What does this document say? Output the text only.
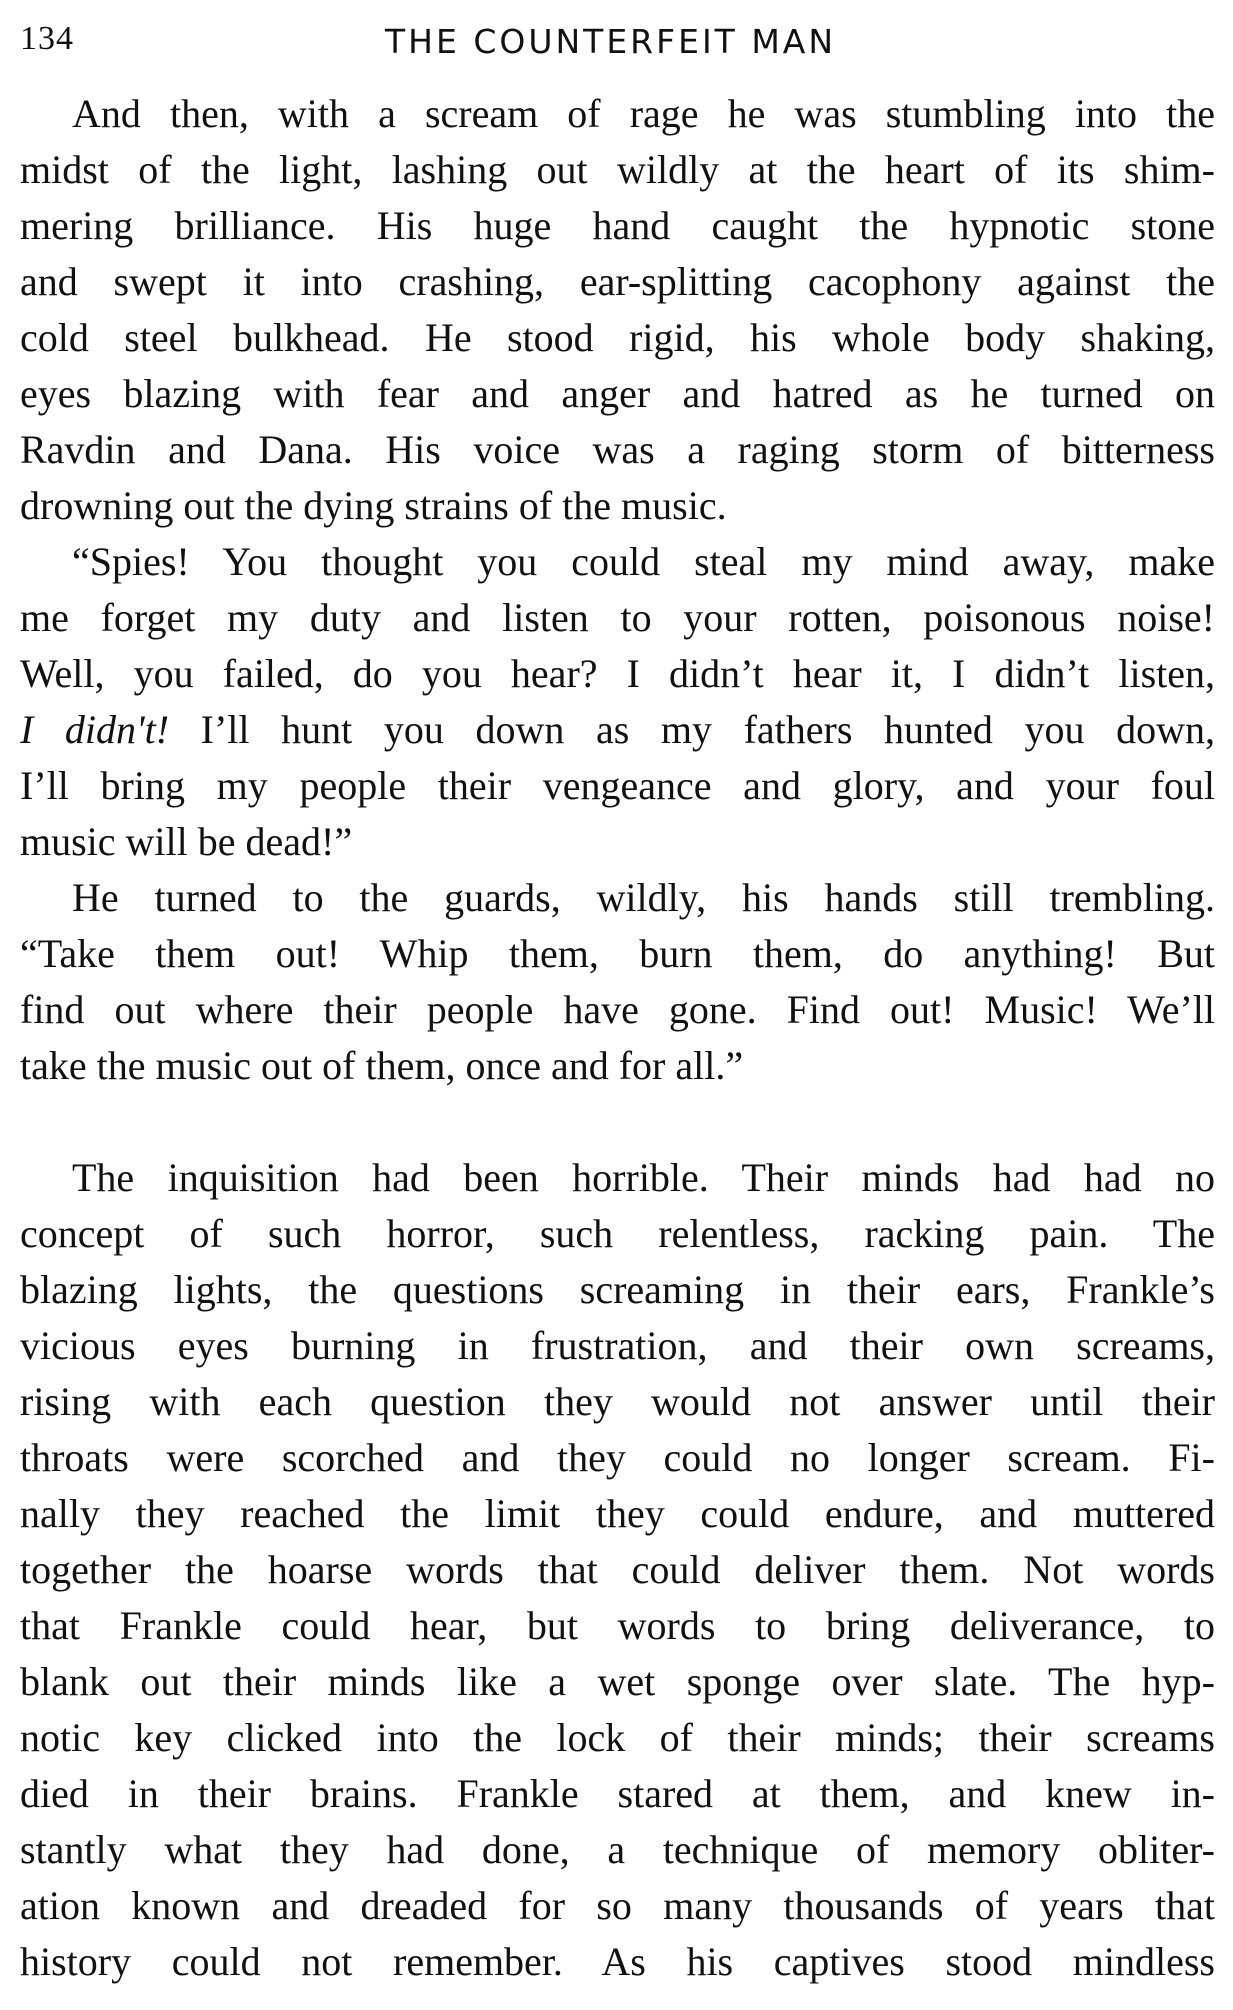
134	THE COUNTERFEIT MAN
And then, with a scream of rage he was stumbling into the
midst of the light, lashing out wildly at the heart of its shim-
mering brilliance. His huge hand caught the hypnotic stone
and swept it into crashing, ear-splitting cacophony against the
cold steel bulkhead. He stood rigid, his whole body shaking,
eyes blazing with fear and anger and hatred as he turned on
Ravdin and Dana. His voice was a raging storm of bitterness
drowning out the dying strains of the music.
“Spies! You thought you could steal my mind away, make
me forget my duty and listen to your rotten, poisonous noise!
Well, you failed, do you hear? I didn’t hear it, I didn’t listen,
I didn't! I’ll hunt you down as my fathers hunted you down,
I’ll bring my people their vengeance and glory, and your foul
music will be dead!”
He turned to the guards, wildly, his hands still trembling.
“Take them out! Whip them, burn them, do anything! But
find out where their people have gone. Find out! Music! We’ll
take the music out of them, once and for all.”
The inquisition had been horrible. Their minds had had no
concept of such horror, such relentless, racking pain. The
blazing lights, the questions screaming in their ears, Frankle’s
vicious eyes burning in frustration, and their own screams,
rising with each question they would not answer until their
throats were scorched and they could no longer scream. Fi-
nally they reached the limit they could endure, and muttered
together the hoarse words that could deliver them. Not words
that Frankle could hear, but words to bring deliverance, to
blank out their minds like a wet sponge over slate. The hyp-
notic key clicked into the lock of their minds; their screams
died in their brains. Frankle stared at them, and knew in-
stantly what they had done, a technique of memory obliter-
ation known and dreaded for so many thousands of years that
history could not remember. As his captives stood mindless
